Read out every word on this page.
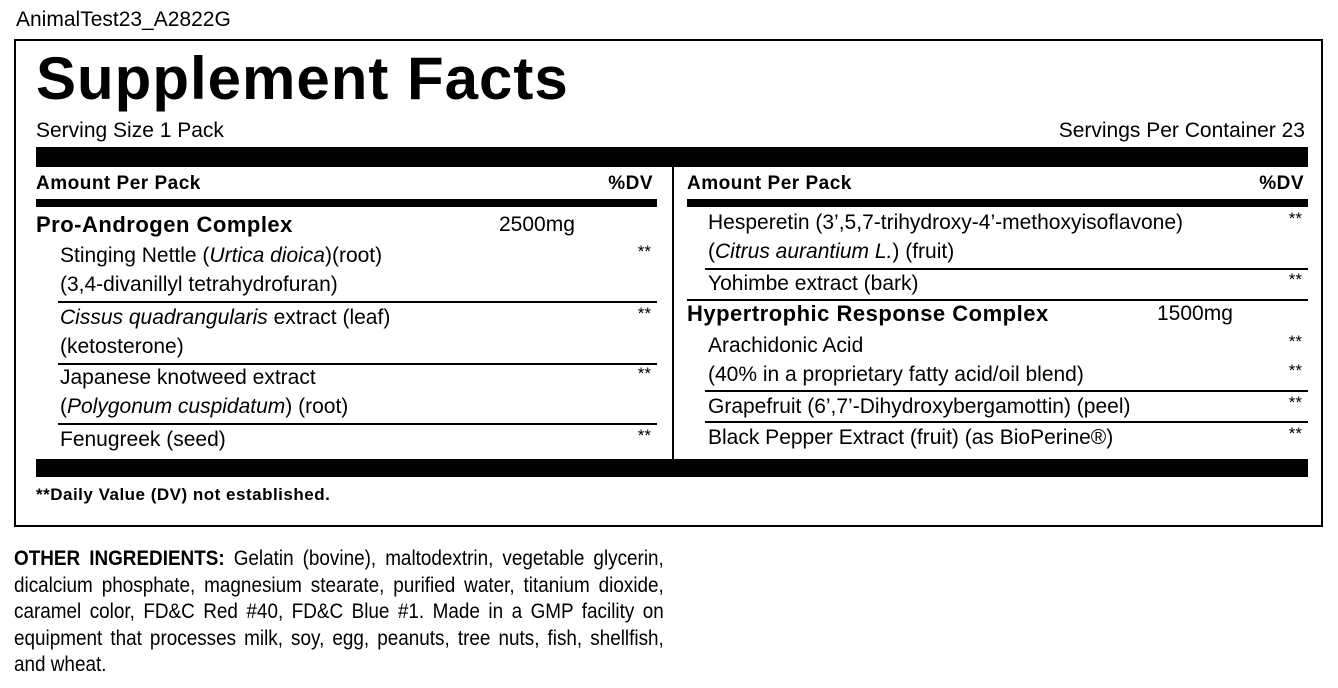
AnimalTest23_A2822G
Supplement Facts
Serving Size 1 Pack	Servings Per Container 23
Amount Per Pack	%DV
Pro-Androgen Complex	2500mg
Stinging Nettle (Urtica dioica)(root)	**
(3,4-divanillyl tetrahydrofuran)
Cissus quadrangularis extract (leaf)	**
(ketosterone)
Japanese knotweed extract	**
(Polygonum cuspidatum) (root)
Fenugreek (seed)	**
Amount Per Pack	%DV
Hesperetin (3’,5,7-trihydroxy-4’-methoxyisoflavone)	**
(Citrus aurantium L.) (fruit)
Yohimbe extract (bark)	**
Hypertrophic Response Complex	1500mg
Arachidonic Acid	**
(40% in a proprietary fatty acid/oil blend)	**
Grapefruit (6’,7’-Dihydroxybergamottin) (peel)	**
Black Pepper Extract (fruit) (as BioPerine®)	**
**Daily Value (DV) not established.
OTHER INGREDIENTS: Gelatin (bovine), maltodextrin, vegetable glycerin, dicalcium phosphate, magnesium stearate, purified water, titanium dioxide, caramel color, FD&C Red #40, FD&C Blue #1. Made in a GMP facility on equipment that processes milk, soy, egg, peanuts, tree nuts, fish, shellfish, and wheat.
